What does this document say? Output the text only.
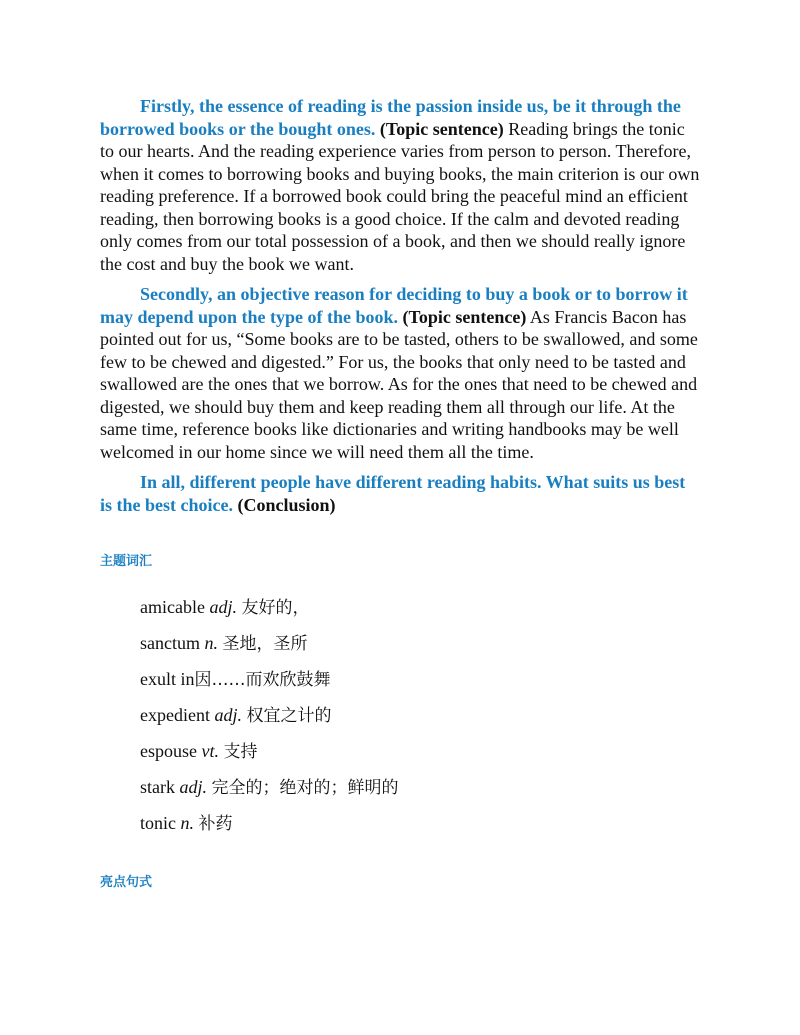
Firstly, the essence of reading is the passion inside us, be it through the borrowed books or the bought ones. (Topic sentence) Reading brings the tonic to our hearts. And the reading experience varies from person to person. Therefore, when it comes to borrowing books and buying books, the main criterion is our own reading preference. If a borrowed book could bring the peaceful mind an efficient reading, then borrowing books is a good choice. If the calm and devoted reading only comes from our total possession of a book, and then we should really ignore the cost and buy the book we want.

Secondly, an objective reason for deciding to buy a book or to borrow it may depend upon the type of the book. (Topic sentence) As Francis Bacon has pointed out for us, “Some books are to be tasted, others to be swallowed, and some few to be chewed and digested.” For us, the books that only need to be tasted and swallowed are the ones that we borrow. As for the ones that need to be chewed and digested, we should buy them and keep reading them all through our life. At the same time, reference books like dictionaries and writing handbooks may be well welcomed in our home since we will need them all the time.

In all, different people have different reading habits. What suits us best is the best choice. (Conclusion)

主题词汇

amicable adj. 友好的，
sanctum n. 圣地，圣所
exult in因……而欢欣鼓舞
expedient adj. 权宜之计的
espouse vt. 支持
stark adj. 完全的；绝对的；鲜明的
tonic n. 补药

亮点句式
